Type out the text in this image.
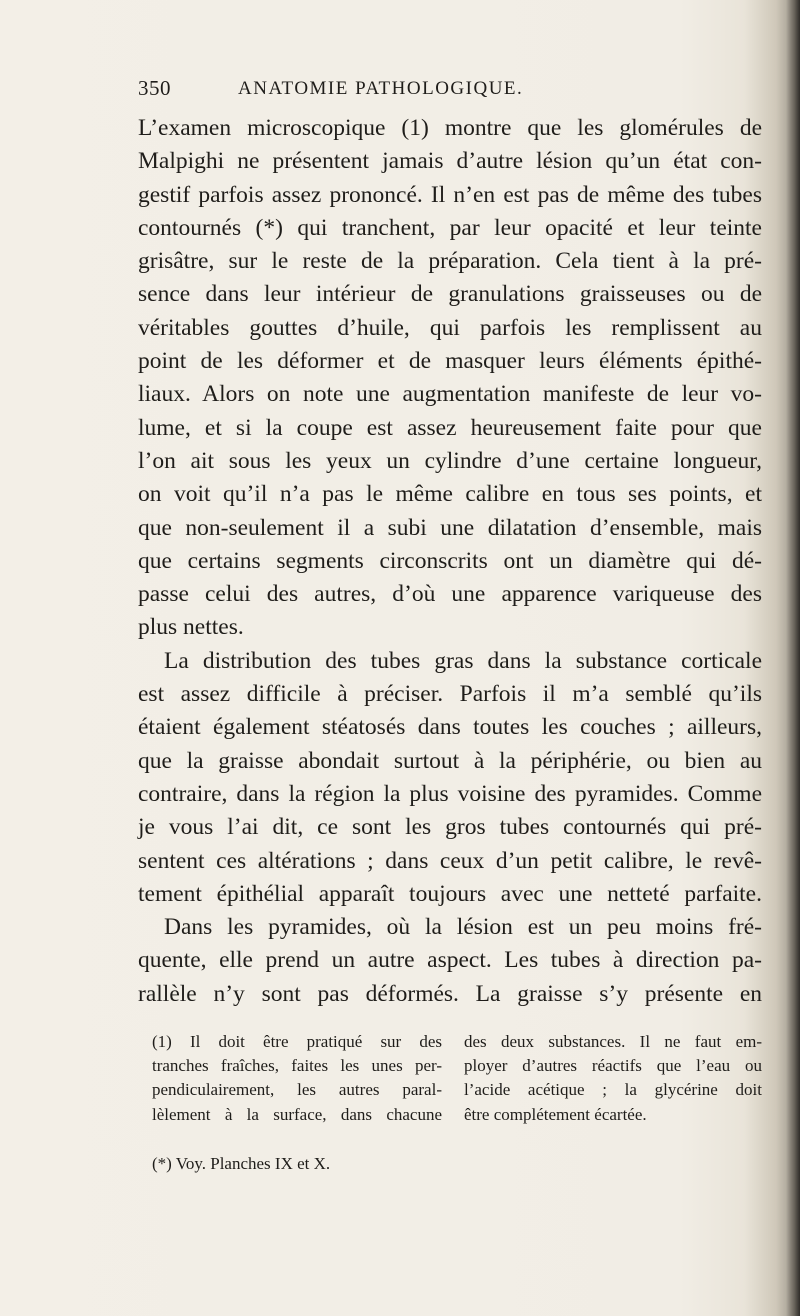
350	ANATOMIE PATHOLOGIQUE.
L’examen microscopique (1) montre que les glomérules de
Malpighi ne présentent jamais d’autre lésion qu’un état con-
gestif parfois assez prononcé. Il n’en est pas de même des tubes
contournés (*) qui tranchent, par leur opacité et leur teinte
grisâtre, sur le reste de la préparation. Cela tient à la pré-
sence dans leur intérieur de granulations graisseuses ou de
véritables gouttes d’huile, qui parfois les remplissent au
point de les déformer et de masquer leurs éléments épithé-
liaux. Alors on note une augmentation manifeste de leur vo-
lume, et si la coupe est assez heureusement faite pour que
l’on ait sous les yeux un cylindre d’une certaine longueur,
on voit qu’il n’a pas le même calibre en tous ses points, et
que non-seulement il a subi une dilatation d’ensemble, mais
que certains segments circonscrits ont un diamètre qui dé-
passe celui des autres, d’où une apparence variqueuse des
plus nettes.
La distribution des tubes gras dans la substance corticale
est assez difficile à préciser. Parfois il m’a semblé qu’ils
étaient également stéatosés dans toutes les couches ; ailleurs,
que la graisse abondait surtout à la périphérie, ou bien au
contraire, dans la région la plus voisine des pyramides. Comme
je vous l’ai dit, ce sont les gros tubes contournés qui pré-
sentent ces altérations ; dans ceux d’un petit calibre, le revê-
tement épithélial apparaît toujours avec une netteté parfaite.
Dans les pyramides, où la lésion est un peu moins fré-
quente, elle prend un autre aspect. Les tubes à direction pa-
rallèle n’y sont pas déformés. La graisse s’y présente en
(1) Il doit être pratiqué sur des
tranches fraîches, faites les unes per-
pendiculairement, les autres paral-
lèlement à la surface, dans chacune
des deux substances. Il ne faut em-
ployer d’autres réactifs que l’eau ou
l’acide acétique ; la glycérine doit
être complétement écartée.
(*) Voy. Planches IX et X.
